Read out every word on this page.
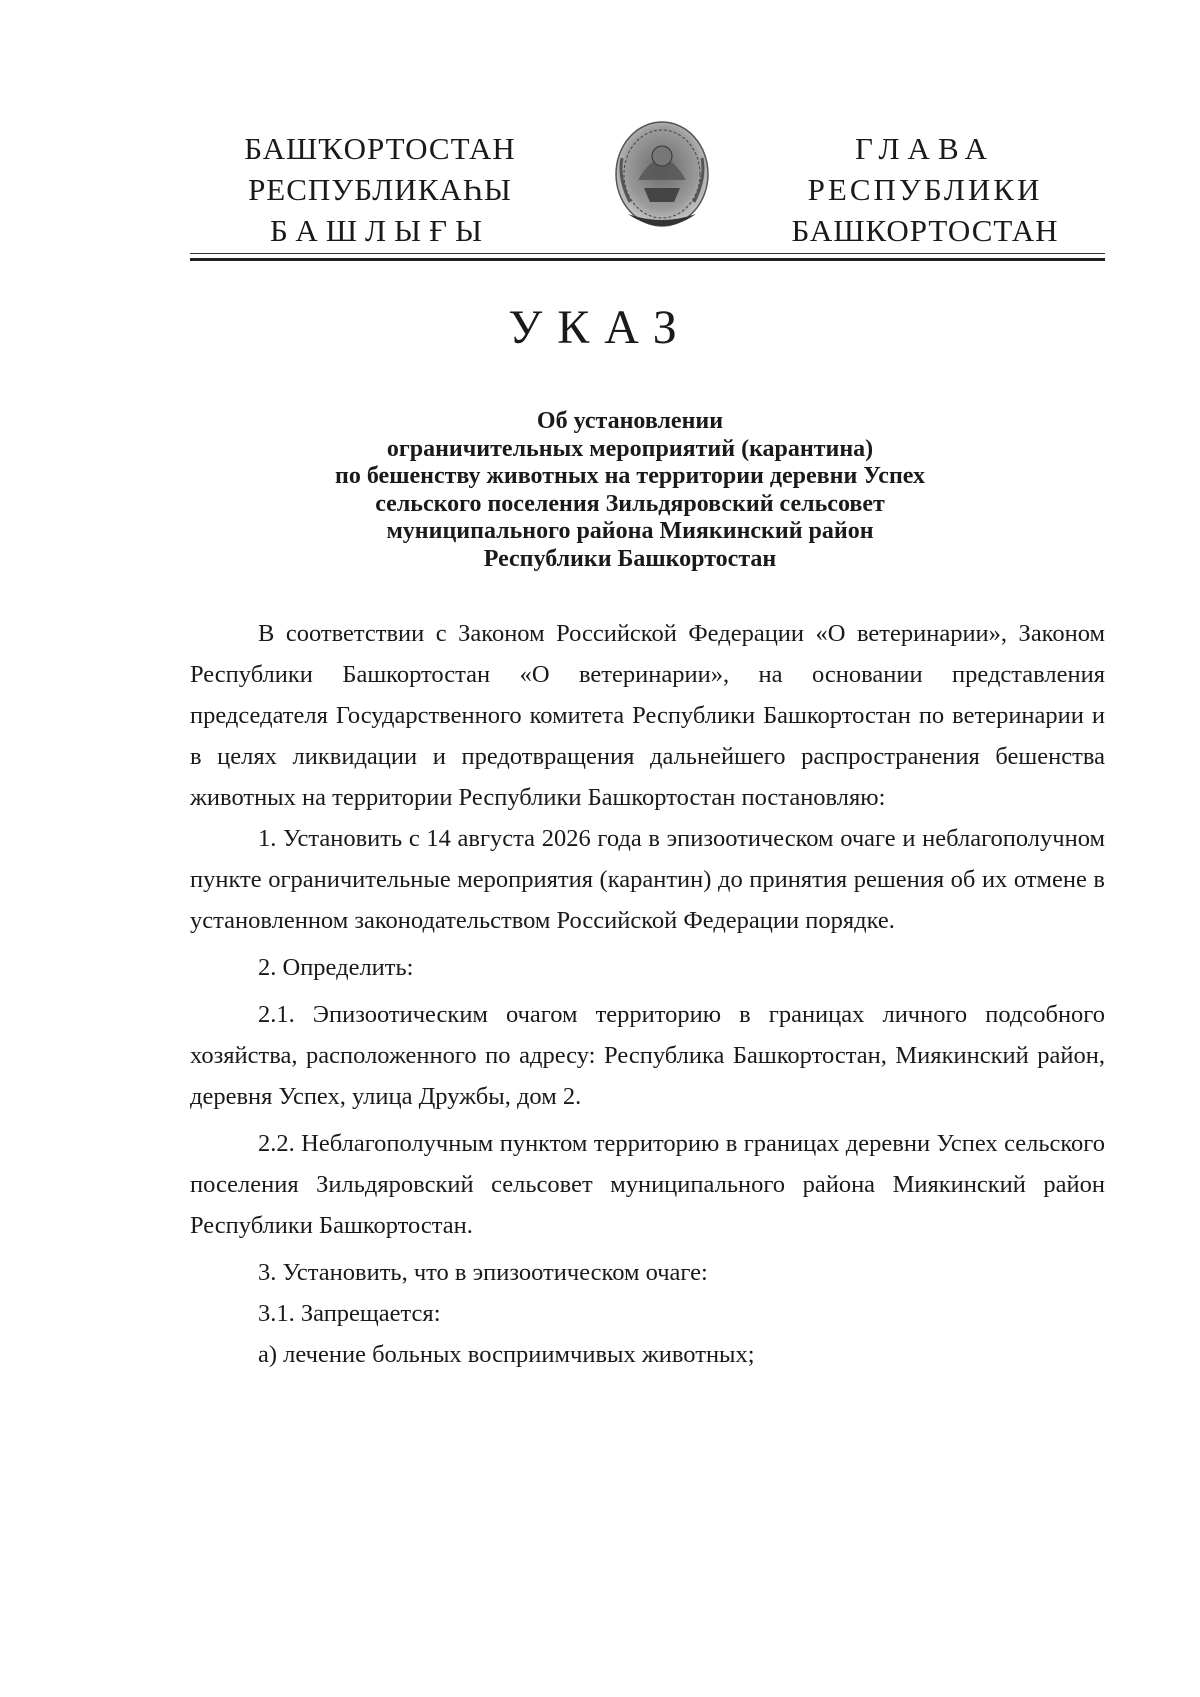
БАШҠОРТОСТАН
РЕСПУБЛИКАҺЫ
БАШЛЫҒЫ
ГЛАВА
РЕСПУБЛИКИ
БАШКОРТОСТАН
УКАЗ
Об установлении
ограничительных мероприятий (карантина)
по бешенству животных на территории деревни Успех
сельского поселения Зильдяровский сельсовет
муниципального района Миякинский район
Республики Башкортостан

В соответствии с Законом Российской Федерации «О ветеринарии», Законом Республики Башкортостан «О ветеринарии», на основании представления председателя Государственного комитета Республики Башкортостан по ветеринарии и в целях ликвидации и предотвращения дальнейшего распространения бешенства животных на территории Республики Башкортостан постановляю:

1. Установить с 14 августа 2026 года в эпизоотическом очаге и неблагополучном пункте ограничительные мероприятия (карантин) до принятия решения об их отмене в установленном законодательством Российской Федерации порядке.

2. Определить:

2.1. Эпизоотическим очагом территорию в границах личного подсобного хозяйства, расположенного по адресу: Республика Башкортостан, Миякинский район, деревня Успех, улица Дружбы, дом 2.

2.2. Неблагополучным пунктом территорию в границах деревни Успех сельского поселения Зильдяровский сельсовет муниципального района Миякинский район Республики Башкортостан.

3. Установить, что в эпизоотическом очаге:

3.1. Запрещается:

а) лечение больных восприимчивых животных;
